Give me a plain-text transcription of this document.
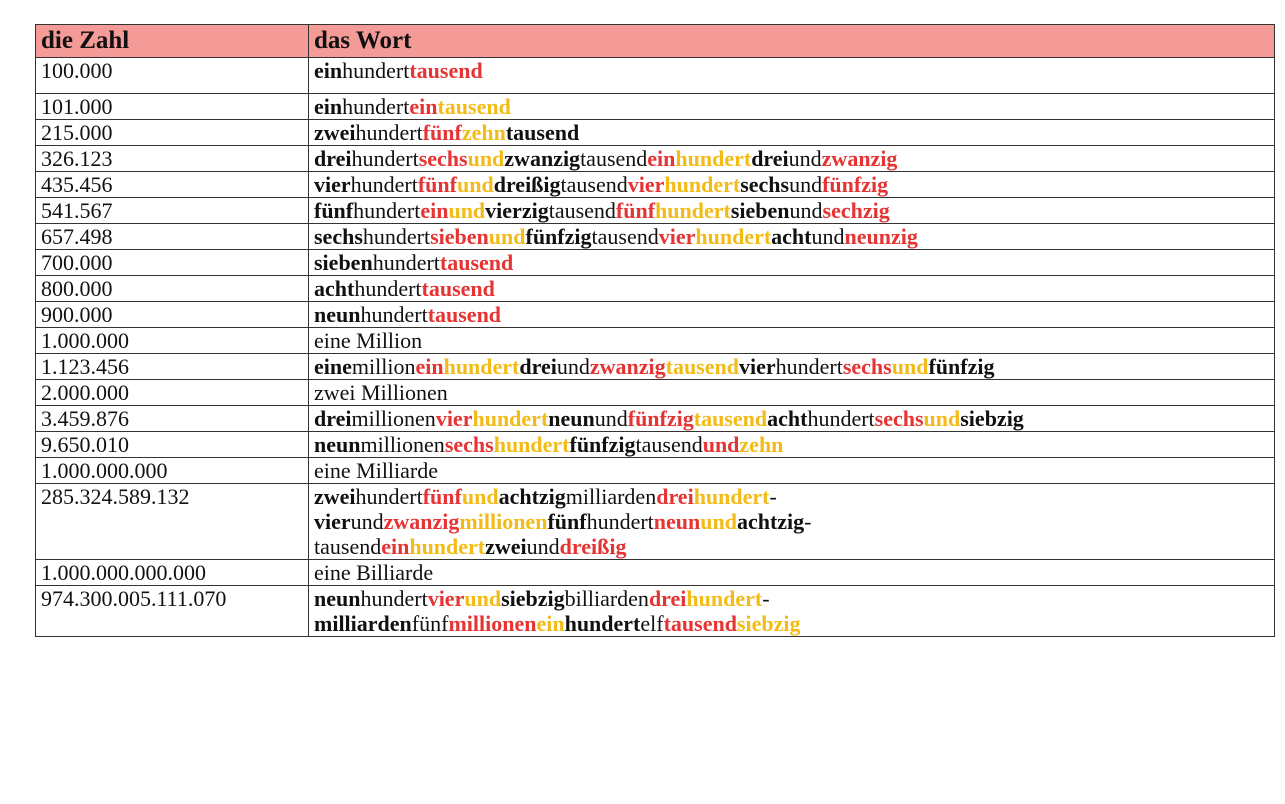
die Zahl	das Wort
100.000	einhunderttausend

101.000	einhunderteintausend

215.000	zweihundertfünfzehntausend

326.123	dreihundertsechsundzwanzigtausendeinhundertdreiundzwanzig

435.456	vierhundertfünfunddreißigtausendvierhundertsechsundfünfzig

541.567	fünfhunderteinundvierzigtausendfünfhundertsiebenundsechzig

657.498	sechshundertsiebenundfünfzigtausendvierhundertachtundneunzig

700.000	siebenhunderttausend

800.000	achthunderttausend

900.000	neunhunderttausend

1.000.000	eine Million

1.123.456	einemillioneinhundertdreiundzwanzigtausendvierhundertsechsundfünfzig

2.000.000	zwei Millionen

3.459.876	dreimillionenvierhundertneunundfünfzigtausendachthundertsechsundsiebzig

9.650.010	neunmillionensechshundertfünfzigtausendundzehn

1.000.000.000	eine Milliarde

285.324.589.132	zweihundertfünfundachtzigmilliardendreihundert-
vierundzwanzigmillionenfünfhundertneunundachtzig-
tausendeinhundertzweiunddreißig

1.000.000.000.000	eine Billiarde

974.300.005.111.070	neunhundertvierundsiebzigbilliardendreihundert-
milliardenfünfmillioneneinhundertelftausendsiebzig
